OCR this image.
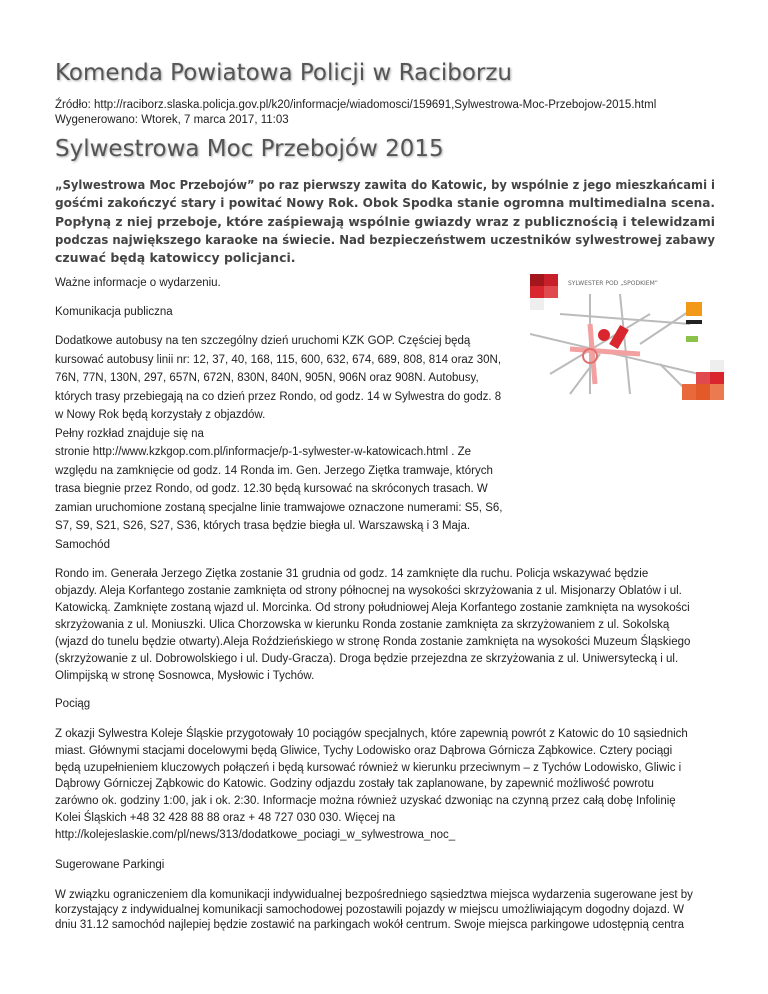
Komenda Powiatowa Policji w Raciborzu
Źródło: http://raciborz.slaska.policja.gov.pl/k20/informacje/wiadomosci/159691,Sylwestrowa-Moc-Przebojow-2015.html
Wygenerowano: Wtorek, 7 marca 2017, 11:03
Sylwestrowa Moc Przebojów 2015
„Sylwestrowa Moc Przebojów” po raz pierwszy zawita do Katowic, by wspólnie z jego mieszkańcami i
gośćmi zakończyć stary i powitać Nowy Rok. Obok Spodka stanie ogromna multimedialna scena.
Popłyną z niej przeboje, które zaśpiewają wspólnie gwiazdy wraz z publicznością i telewidzami
podczas największego karaoke na świecie. Nad bezpieczeństwem uczestników sylwestrowej zabawy
czuwać będą katowiccy policjanci.
Ważne informacje o wydarzeniu.
Komunikacja publiczna
Dodatkowe autobusy na ten szczególny dzień uruchomi KZK GOP. Częściej będą
kursować autobusy linii nr: 12, 37, 40, 168, 115, 600, 632, 674, 689, 808, 814 oraz 30N,
76N, 77N, 130N, 297, 657N, 672N, 830N, 840N, 905N, 906N oraz 908N. Autobusy,
których trasy przebiegają na co dzień przez Rondo, od godz. 14 w Sylwestra do godz. 8
w Nowy Rok będą korzystały z objazdów.
Pełny rozkład znajduje się na
stronie http://www.kzkgop.com.pl/informacje/p-1-sylwester-w-katowicach.html . Ze
względu na zamknięcie od godz. 14 Ronda im. Gen. Jerzego Ziętka tramwaje, których
trasa biegnie przez Rondo, od godz. 12.30 będą kursować na skróconych trasach. W
zamian uruchomione zostaną specjalne linie tramwajowe oznaczone numerami: S5, S6,
S7, S9, S21, S26, S27, S36, których trasa będzie biegła ul. Warszawską i 3 Maja.
SYLWESTER POD „SPODKIEM”
Samochód
Rondo im. Generała Jerzego Ziętka zostanie 31 grudnia od godz. 14 zamknięte dla ruchu. Policja wskazywać będzie
objazdy. Aleja Korfantego zostanie zamknięta od strony północnej na wysokości skrzyżowania z ul. Misjonarzy Oblatów i ul.
Katowicką. Zamknięte zostaną wjazd ul. Morcinka. Od strony południowej Aleja Korfantego zostanie zamknięta na wysokości
skrzyżowania z ul. Moniuszki. Ulica Chorzowska w kierunku Ronda zostanie zamknięta za skrzyżowaniem z ul. Sokolską
(wjazd do tunelu będzie otwarty).Aleja Roździeńskiego w stronę Ronda zostanie zamknięta na wysokości Muzeum Śląskiego
(skrzyżowanie z ul. Dobrowolskiego i ul. Dudy-Gracza). Droga będzie przejezdna ze skrzyżowania z ul. Uniwersytecką i ul.
Olimpijską w stronę Sosnowca, Mysłowic i Tychów.
Pociąg
Z okazji Sylwestra Koleje Śląskie przygotowały 10 pociągów specjalnych, które zapewnią powrót z Katowic do 10 sąsiednich
miast. Głównymi stacjami docelowymi będą Gliwice, Tychy Lodowisko oraz Dąbrowa Górnicza Ząbkowice. Cztery pociągi
będą uzupełnieniem kluczowych połączeń i będą kursować również w kierunku przeciwnym – z Tychów Lodowisko, Gliwic i
Dąbrowy Górniczej Ząbkowic do Katowic. Godziny odjazdu zostały tak zaplanowane, by zapewnić możliwość powrotu
zarówno ok. godziny 1:00, jak i ok. 2:30. Informacje można również uzyskać dzwoniąc na czynną przez całą dobę Infolinię
Kolei Śląskich +48 32 428 88 88 oraz + 48 727 030 030. Więcej na
http://kolejeslaskie.com/pl/news/313/dodatkowe_pociagi_w_sylwestrowa_noc_
Sugerowane Parkingi
W związku ograniczeniem dla komunikacji indywidualnej bezpośredniego sąsiedztwa miejsca wydarzenia sugerowane jest by
korzystający z indywidualnej komunikacji samochodowej pozostawili pojazdy w miejscu umożliwiającym dogodny dojazd. W
dniu 31.12 samochód najlepiej będzie zostawić na parkingach wokół centrum. Swoje miejsca parkingowe udostępnią centra
